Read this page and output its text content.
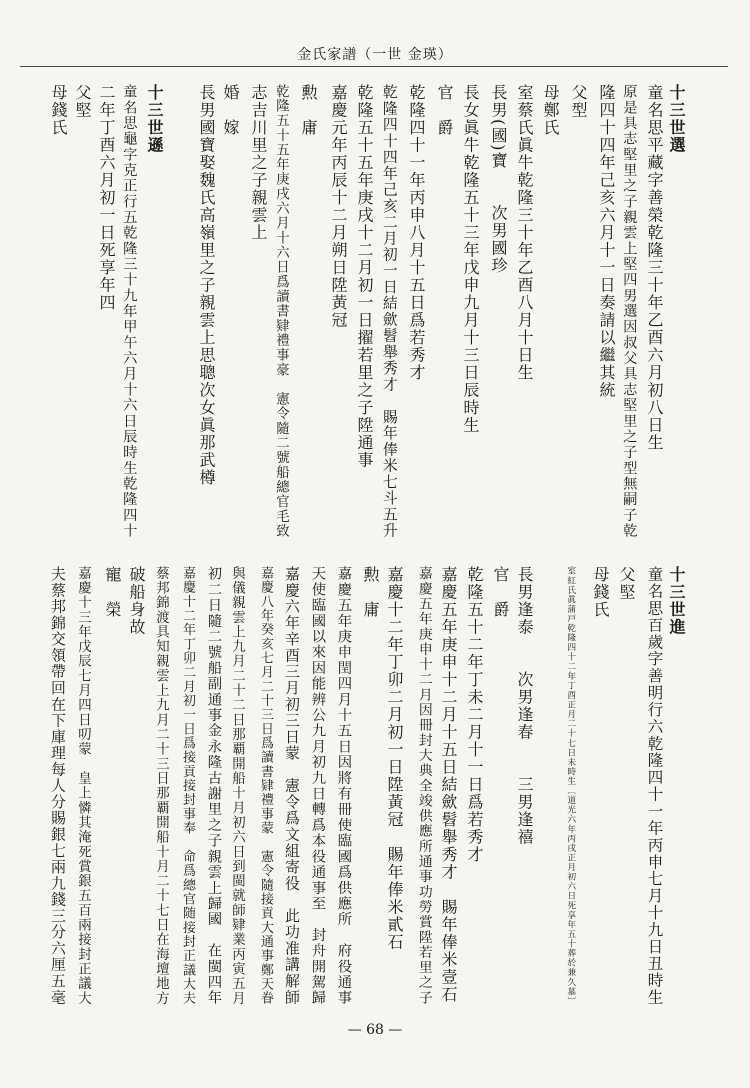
金氏家譜（一世 金瑛）
十三世選
童名思平藏字善榮乾隆三十年乙酉六月初八日生
原是具志堅里之子親雲上堅四男選因叔父具志堅里之子型無嗣子乾
隆四十四年己亥六月十一日奏請以繼其統
父型
母鄭氏
室蔡氏眞牛乾隆三十年乙酉八月十日生
長男(國)寶　　次男國珍
長女眞牛乾隆五十三年戊申九月十三日辰時生
官　爵
乾隆四十一年丙申八月十五日爲若秀才
乾隆四十四年己亥二月初一日結歛髫舉秀才　賜年俸米七斗五升
乾隆五十五年庚戌十二月初一日擢若里之子陞通事
嘉慶元年丙辰十二月朔日陞黃冠
勲　庸
乾隆五十五年庚戌六月十六日爲讀書肄禮事豪　憲令隨二號船總官毛致
志吉川里之子親雲上
婚　嫁
長男國寶娶魏氏高嶺里之子親雲上思聰次女眞那武樽
十三世遜
童名思龜字克正行五乾隆三十九年甲午六月十六日辰時生乾隆四十
二年丁酉六月初一日死享年四
父堅
母錢氏
十三世進
童名思百歲字善明行六乾隆四十一年丙申七月十九日丑時生
父堅
母錢氏
室紅氏眞蒲戸乾隆四十二年丁酉正月二十七日未時生〔道光六年丙戌正月初六日死享年五十葬於兼久墓〕
長男逢泰　　次男逢春　　三男逢禧
官　爵
乾隆五十二年丁未二月十一日爲若秀才
嘉慶五年庚申十二月十五日結歛髫舉秀才　賜年俸米壹石
嘉慶五年庚申十二月因冊封大典全竣供應所通事功勞賞陞若里之子
嘉慶十二年丁卯二月初一日陞黃冠　賜年俸米貳石
勲　庸
嘉慶五年庚申閏四月十五日因將有冊使臨國爲供應所　府役通事
天使臨國以來因能辨公九月初九日轉爲本役通事至　封舟開駕歸
嘉慶六年辛酉三月初三日蒙　憲令爲文組寄役　此功准講解師
嘉慶八年癸亥七月二十三日爲讀書肄禮事蒙　憲令隨接貢大通事鄭天眷
與儀親雲上九月二十二日那覇開船十月初六日到閩就師肄業丙寅五月
初二日隨二號船副通事金永隆古謝里之子親雲上歸國　在閩四年
嘉慶十二年丁卯二月初一日爲接貢接封事奉　命爲總官随接封正議大夫
蔡邦錦渡具知親雲上九月二十三日那覇開船十月二十七日在海壇地方
破船身故
寵　榮
嘉慶十三年戊辰七月四日叨蒙　皇上憐其淹死賞銀五百兩接封正議大
夫蔡邦錦交領帶回在下庫理每人分賜銀七兩九錢三分六厘五毫
— 68 —
